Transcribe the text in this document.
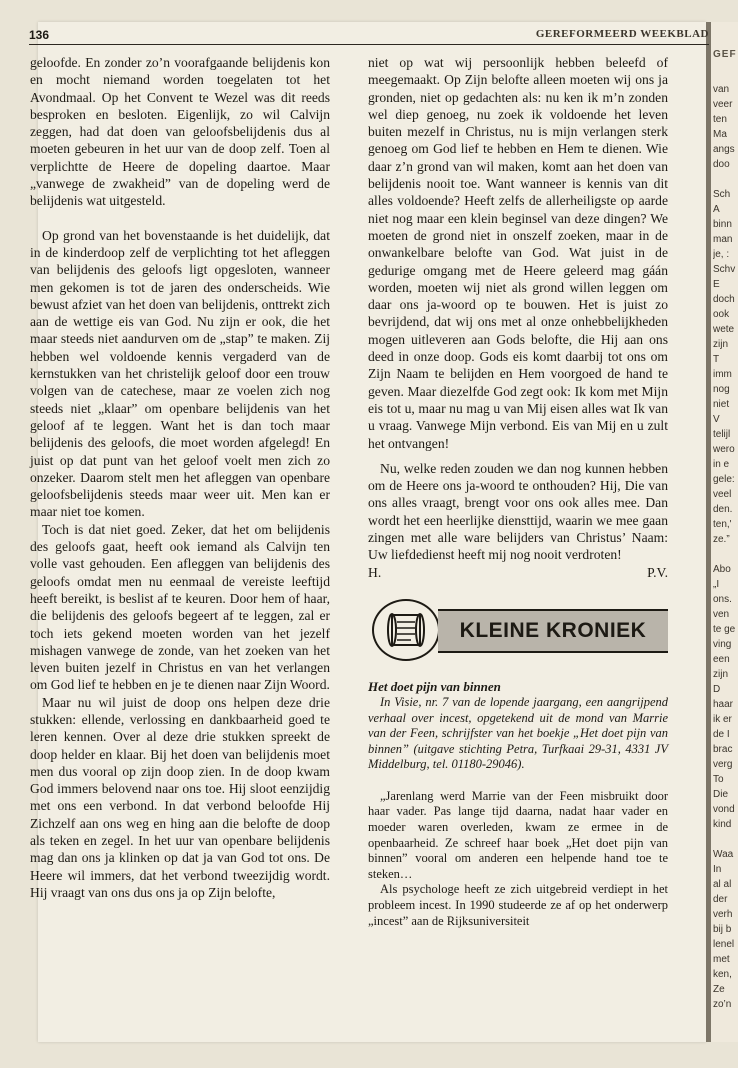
GEF
van
veer
ten
Ma
angs
doo

Sch
A
binn
man
je, :
Schv
E
doch
ook
wete
zijn
T
imm
nog
niet
V
telijl
wero
in e
gele:
veel
den.
ten,'
ze.”

Abo
„I
ons.
ven
te ge
ving
een
zijn
D
haar
ik er
de I
brac
verg
To
Die
vond
kind

Waa
In
al al
der
verh
bij b
lenel
met
ken,
Ze
zo’n
136	GEREFORMEERD WEEKBLAD

geloofde. En zonder zo’n voorafgaande belijdenis kon en mocht niemand worden toegelaten tot het Avondmaal. Op het Convent te Wezel was dit reeds besproken en besloten. Eigenlijk, zo wil Calvijn zeggen, had dat doen van geloofsbelijdenis dus al moeten gebeuren in het uur van de doop zelf. Toen al verplichtte de Heere de dopeling daartoe. Maar „vanwege de zwakheid” van de dopeling werd de belijdenis wat uitgesteld.

Op grond van het bovenstaande is het duidelijk, dat in de kinderdoop zelf de verplichting tot het afleggen van belijdenis des geloofs ligt opgesloten, wanneer men gekomen is tot de jaren des onderscheids. Wie bewust afziet van het doen van belijdenis, onttrekt zich aan de wettige eis van God. Nu zijn er ook, die het maar steeds niet aandurven om de „stap” te maken. Zij hebben wel voldoende kennis vergaderd van de kernstukken van het christelijk geloof door een trouw volgen van de catechese, maar ze voelen zich nog steeds niet „klaar” om openbare belijdenis van het geloof af te leggen. Want het is dan toch maar belijdenis des geloofs, die moet worden afgelegd! En juist op dat punt van het geloof voelt men zich zo onzeker. Daarom stelt men het afleggen van openbare geloofsbelijdenis steeds maar weer uit. Men kan er maar niet toe komen.

Toch is dat niet goed. Zeker, dat het om belijdenis des geloofs gaat, heeft ook iemand als Calvijn ten volle vast gehouden. Een afleggen van belijdenis des geloofs omdat men nu eenmaal de vereiste leeftijd heeft bereikt, is beslist af te keuren. Door hem of haar, die belijdenis des geloofs begeert af te leggen, zal er toch iets gekend moeten worden van het jezelf mishagen vanwege de zonde, van het zoeken van het leven buiten jezelf in Christus en van het verlangen om God lief te hebben en je te dienen naar Zijn Woord.

Maar nu wil juist de doop ons helpen deze drie stukken: ellende, verlossing en dankbaarheid goed te leren kennen. Over al deze drie stukken spreekt de doop helder en klaar. Bij het doen van belijdenis moet men dus vooral op zijn doop zien. In de doop kwam God immers belovend naar ons toe. Hij sloot eenzijdig met ons een verbond. In dat verbond beloofde Hij Zichzelf aan ons weg en hing aan die belofte de doop als teken en zegel. In het uur van openbare belijdenis mag dan ons ja klinken op dat ja van God tot ons. De Heere wil immers, dat het verbond tweezijdig wordt. Hij vraagt van ons dus ons ja op Zijn belofte,

niet op wat wij persoonlijk hebben beleefd of meegemaakt. Op Zijn belofte alleen moeten wij ons ja gronden, niet op gedachten als: nu ken ik m’n zonden wel diep genoeg, nu zoek ik voldoende het leven buiten mezelf in Christus, nu is mijn verlangen sterk genoeg om God lief te hebben en Hem te dienen. Wie daar z’n grond van wil maken, komt aan het doen van belijdenis nooit toe. Want wanneer is kennis van dit alles voldoende? Heeft zelfs de allerheiligste op aarde niet nog maar een klein beginsel van deze dingen? We moeten de grond niet in onszelf zoeken, maar in de onwankelbare belofte van God. Wat juist in de gedurige omgang met de Heere geleerd mag gáán worden, moeten wij niet als grond willen leggen om daar ons ja-woord op te bouwen. Het is juist zo bevrijdend, dat wij ons met al onze onhebbelijkheden mogen uitleveren aan Gods belofte, die Hij aan ons deed in onze doop. Gods eis komt daarbij tot ons om Zijn Naam te belijden en Hem voorgoed de hand te geven. Maar diezelfde God zegt ook: Ik kom met Mijn eis tot u, maar nu mag u van Mij eisen alles wat Ik van u vraag. Vanwege Mijn verbond. Eis van Mij en u zult het ontvangen!

Nu, welke reden zouden we dan nog kunnen hebben om de Heere ons ja-woord te onthouden? Hij, Die van ons alles vraagt, brengt voor ons ook alles mee. Dan wordt het een heerlijke diensttijd, waarin we mee gaan zingen met alle ware belijders van Christus’ Naam: Uw liefdedienst heeft mij nog nooit verdroten!

H.	P.V.
KLEINE KRONIEK
Het doet pijn van binnen

In Visie, nr. 7 van de lopende jaargang, een aangrijpend verhaal over incest, opgetekend uit de mond van Marrie van der Feen, schrijfster van het boekje „Het doet pijn van binnen” (uitgave stichting Petra, Turfkaai 29-31, 4331 JV Middelburg, tel. 01180-29046).

„Jarenlang werd Marrie van der Feen misbruikt door haar vader. Pas lange tijd daarna, nadat haar vader en moeder waren overleden, kwam ze ermee in de openbaarheid. Ze schreef haar boek „Het doet pijn van binnen” vooral om anderen een helpende hand toe te steken…

Als psychologe heeft ze zich uitgebreid verdiept in het probleem incest. In 1990 studeerde ze af op het onderwerp „incest” aan de Rijksuniversiteit
